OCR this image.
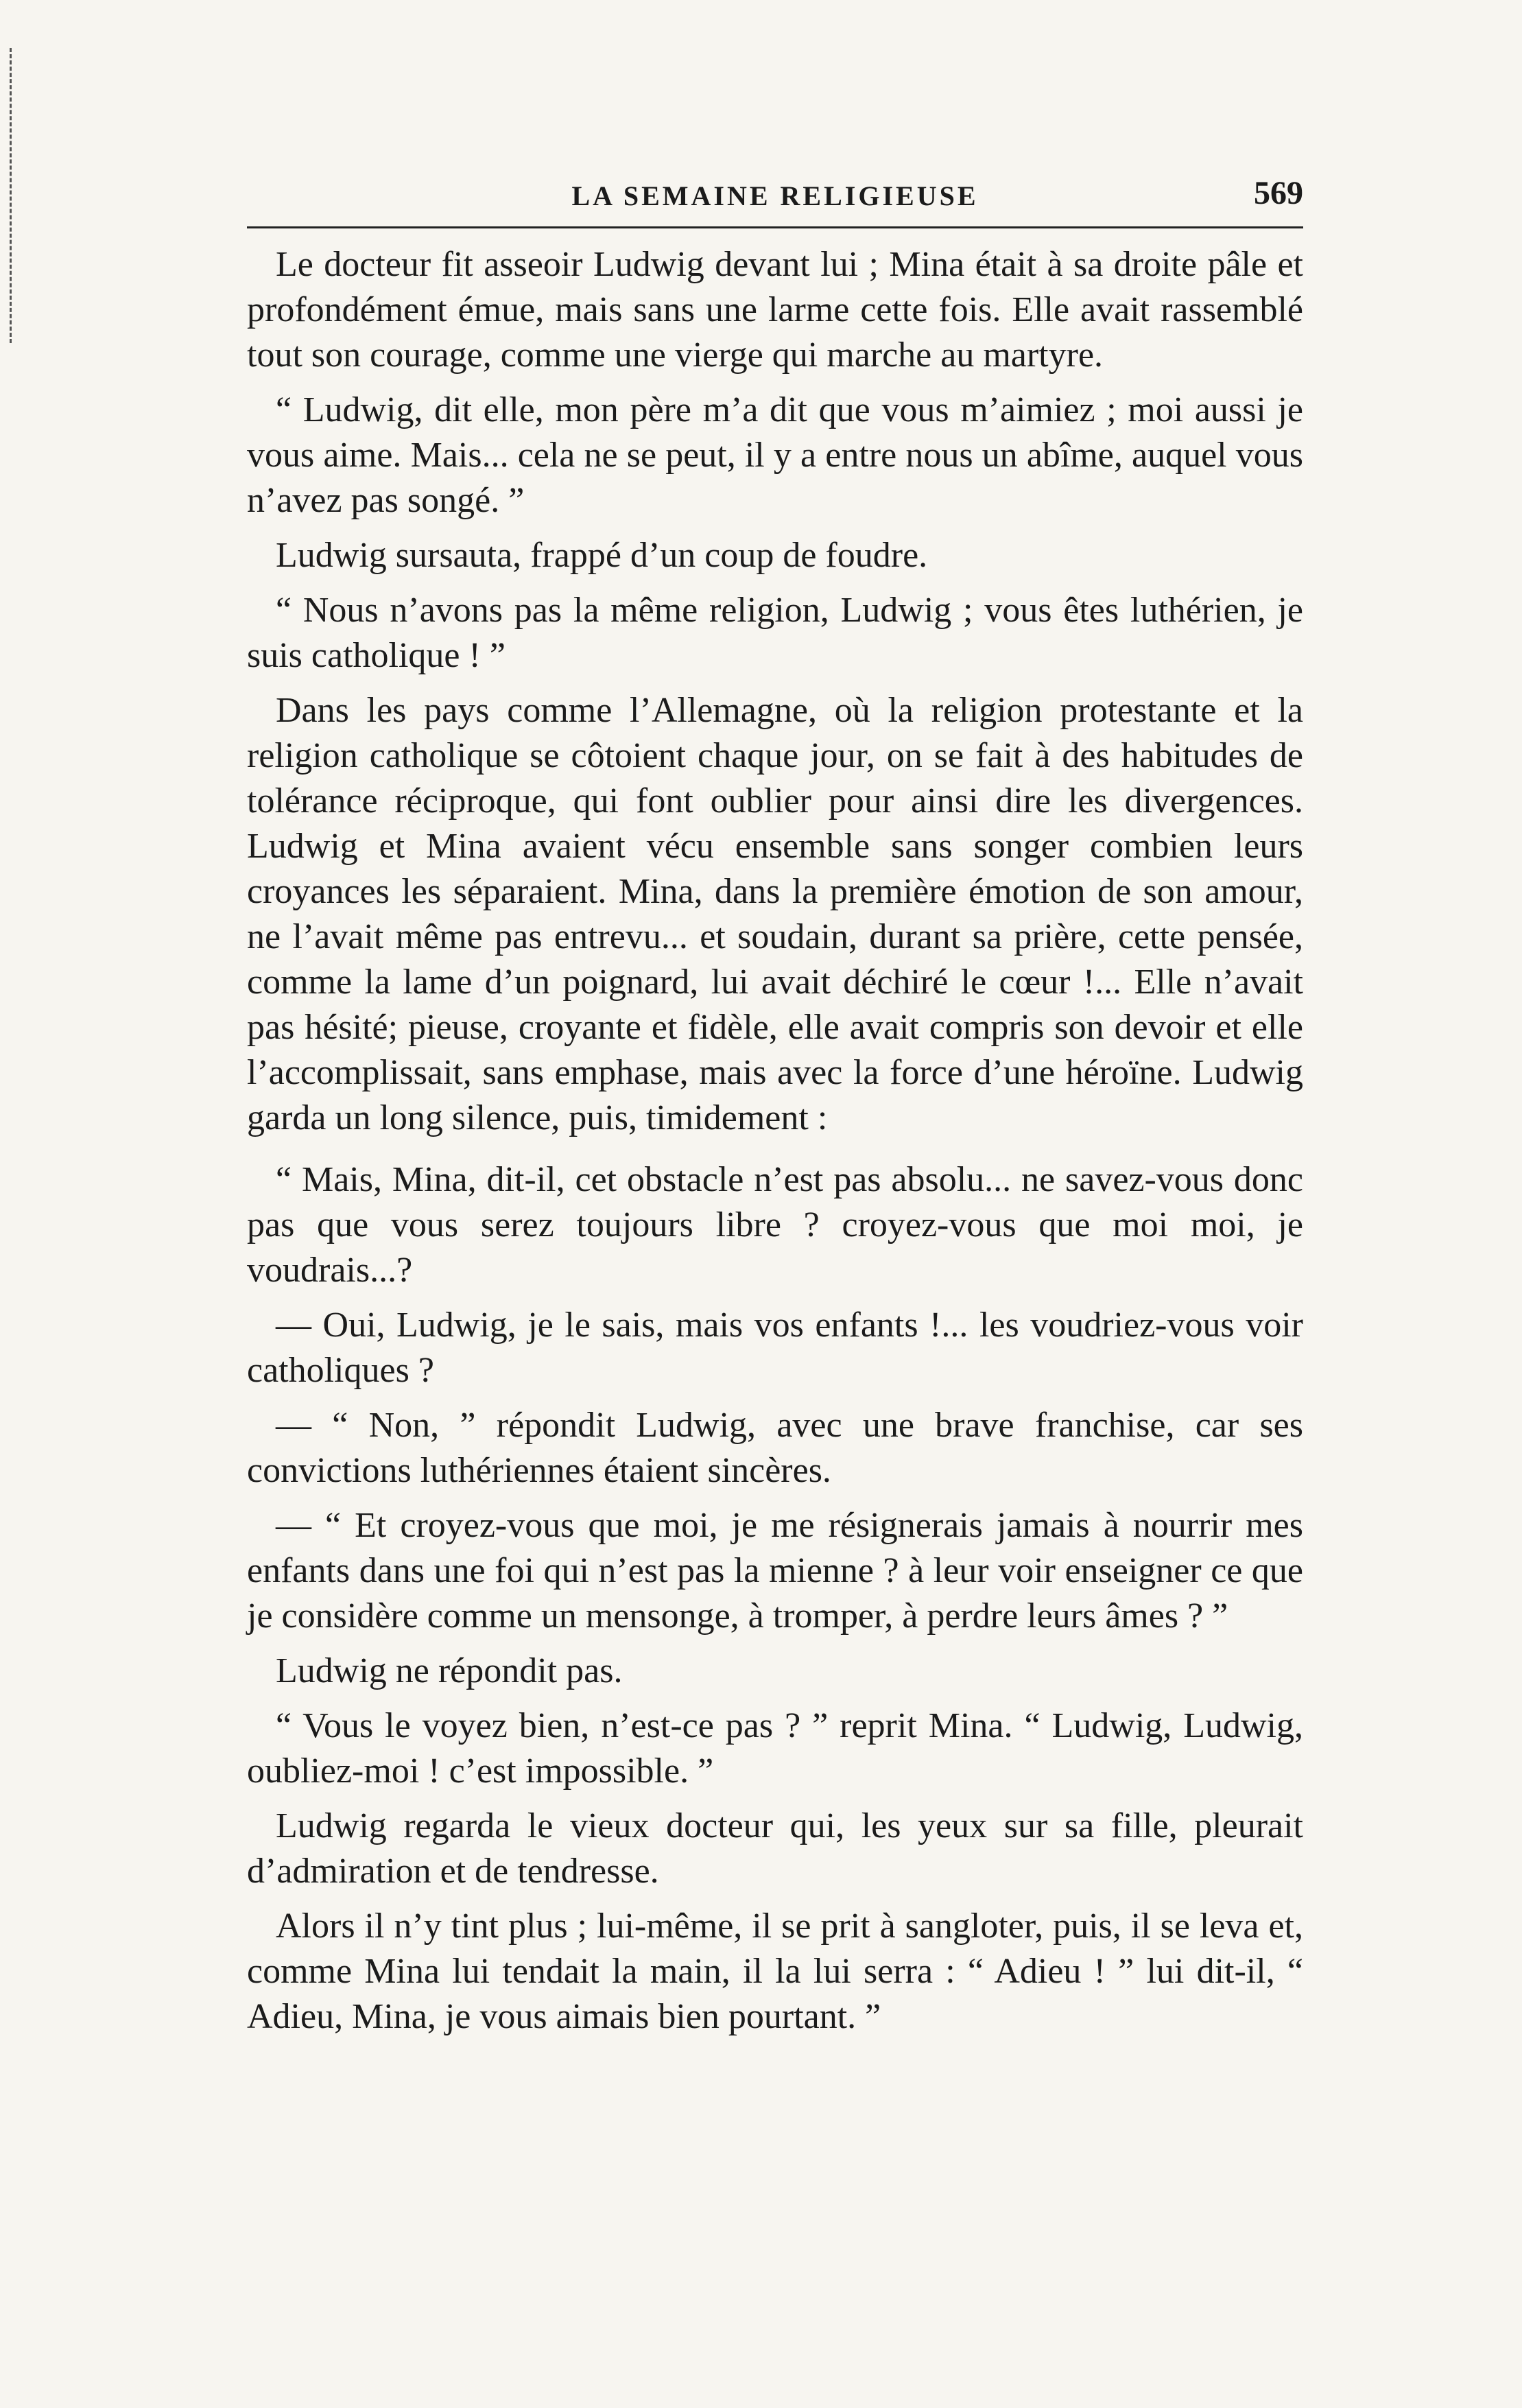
LA SEMAINE RELIGIEUSE	569

Le docteur fit asseoir Ludwig devant lui ; Mina était à sa droite pâle et profondément émue, mais sans une larme cette fois. Elle avait rassemblé tout son courage, comme une vierge qui marche au martyre.

“ Ludwig, dit elle, mon père m’a dit que vous m’aimiez ; moi aussi je vous aime. Mais... cela ne se peut, il y a entre nous un abîme, auquel vous n’avez pas songé. ”

Ludwig sursauta, frappé d’un coup de foudre.

“ Nous n’avons pas la même religion, Ludwig ; vous êtes luthérien, je suis catholique ! ”

Dans les pays comme l’Allemagne, où la religion protestante et la religion catholique se côtoient chaque jour, on se fait à des habitudes de tolérance réciproque, qui font oublier pour ainsi dire les divergences. Ludwig et Mina avaient vécu ensemble sans songer combien leurs croyances les séparaient. Mina, dans la première émotion de son amour, ne l’avait même pas entrevu... et soudain, durant sa prière, cette pensée, comme la lame d’un poignard, lui avait déchiré le cœur !... Elle n’avait pas hésité; pieuse, croyante et fidèle, elle avait compris son devoir et elle l’accomplissait, sans emphase, mais avec la force d’une héroïne. Ludwig garda un long silence, puis, timidement :

“ Mais, Mina, dit-il, cet obstacle n’est pas absolu... ne savez-vous donc pas que vous serez toujours libre ? croyez-vous que moi moi, je voudrais...?

— Oui, Ludwig, je le sais, mais vos enfants !... les voudriez-vous voir catholiques ?

— “ Non, ” répondit Ludwig, avec une brave franchise, car ses convictions luthériennes étaient sincères.

— “ Et croyez-vous que moi, je me résignerais jamais à nourrir mes enfants dans une foi qui n’est pas la mienne ? à leur voir enseigner ce que je considère comme un mensonge, à tromper, à perdre leurs âmes ? ”

Ludwig ne répondit pas.

“ Vous le voyez bien, n’est-ce pas ? ” reprit Mina. “ Ludwig, Ludwig, oubliez-moi ! c’est impossible. ”

Ludwig regarda le vieux docteur qui, les yeux sur sa fille, pleurait d’admiration et de tendresse.

Alors il n’y tint plus ; lui-même, il se prit à sangloter, puis, il se leva et, comme Mina lui tendait la main, il la lui serra : “ Adieu ! ” lui dit-il, “ Adieu, Mina, je vous aimais bien pourtant. ”
